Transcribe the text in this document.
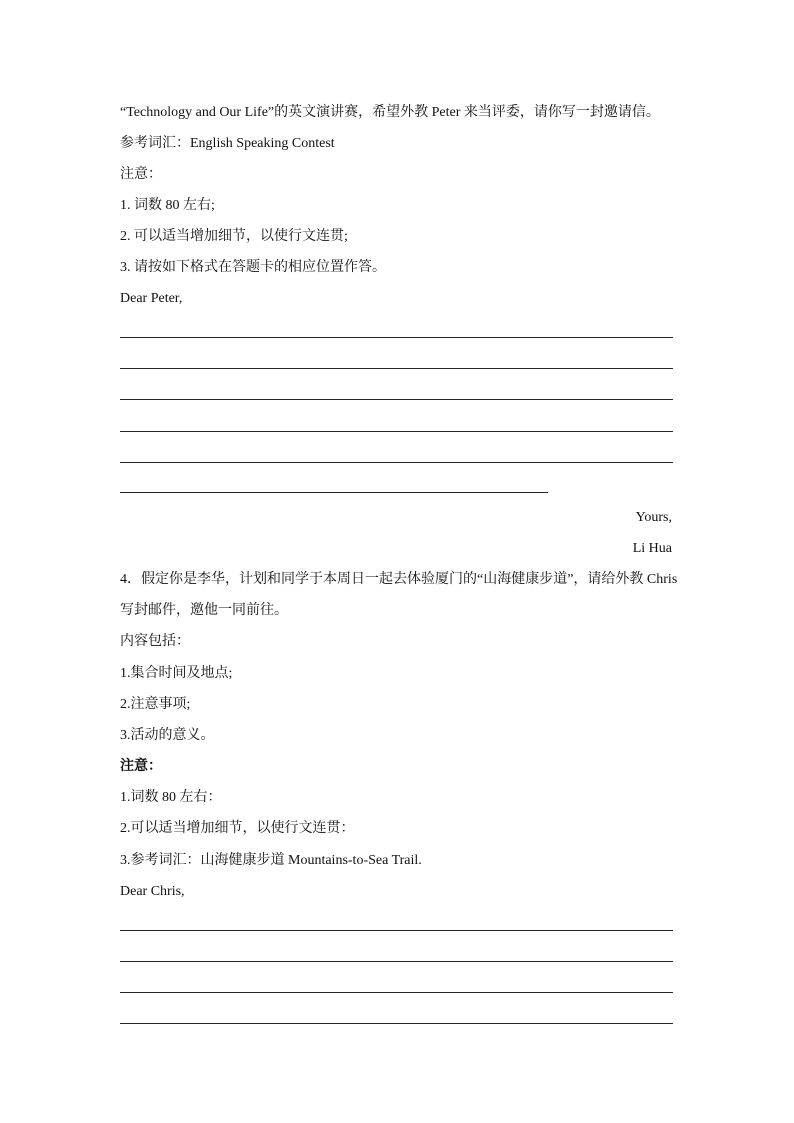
“Technology and Our Life”的英文演讲赛，希望外教 Peter 来当评委，请你写一封邀请信。
参考词汇：English Speaking Contest
注意：
1. 词数 80 左右;
2. 可以适当增加细节，以使行文连贯;
3. 请按如下格式在答题卡的相应位置作答。
Dear Peter,
Yours,
Li Hua
4．假定你是李华，计划和同学于本周日一起去体验厦门的“山海健康步道”，请给外教 Chris
写封邮件，邀他一同前往。
内容包括：
1.集合时间及地点;
2.注意事项;
3.活动的意义。
注意：
1.词数 80 左右：
2.可以适当增加细节，以使行文连贯：
3.参考词汇：山海健康步道 Mountains-to-Sea Trail.
Dear Chris,
